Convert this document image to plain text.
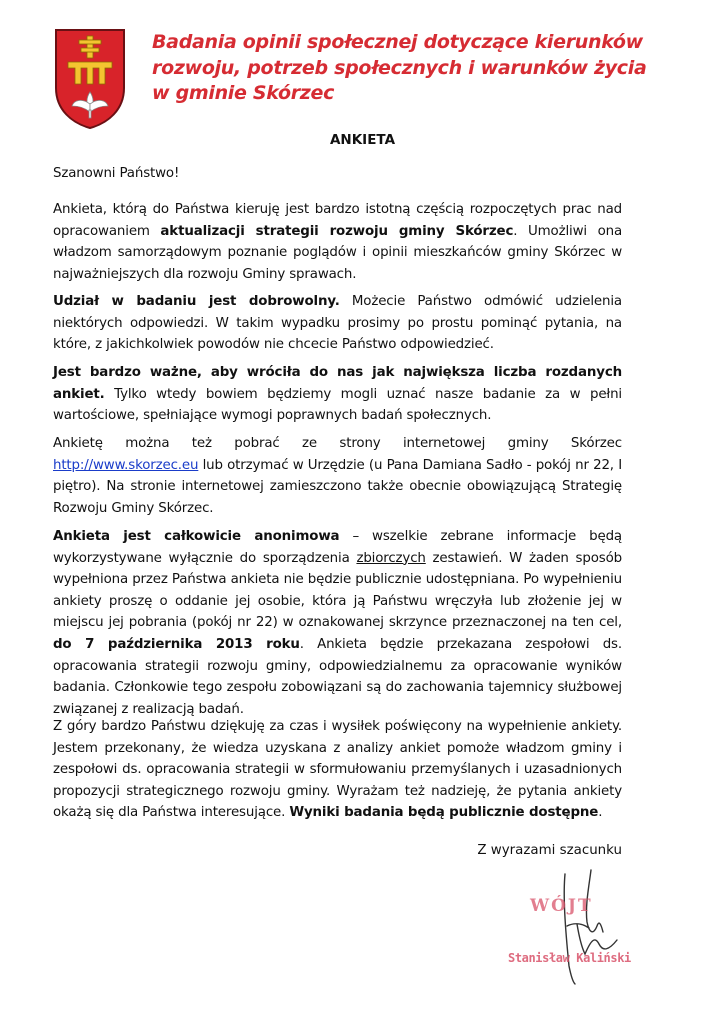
Badania opinii społecznej dotyczące kierunków
rozwoju, potrzeb społecznych i warunków życia
w gminie Skórzec
ANKIETA
Szanowni Państwo!
Ankieta, którą do Państwa kieruję jest bardzo istotną częścią rozpoczętych prac nad opracowaniem aktualizacji strategii rozwoju gminy Skórzec. Umożliwi ona władzom samorządowym poznanie poglądów i opinii mieszkańców gminy Skórzec w najważniejszych dla rozwoju Gminy sprawach.
Udział w badaniu jest dobrowolny. Możecie Państwo odmówić udzielenia niektórych odpowiedzi. W takim wypadku prosimy po prostu pominąć pytania, na które, z jakichkolwiek powodów nie chcecie Państwo odpowiedzieć.
Jest bardzo ważne, aby wróciła do nas jak największa liczba rozdanych ankiet. Tylko wtedy bowiem będziemy mogli uznać nasze badanie za w pełni wartościowe, spełniające wymogi poprawnych badań społecznych.
Ankietę można też pobrać ze strony internetowej gminy Skórzec http://www.skorzec.eu lub otrzymać w Urzędzie (u Pana Damiana Sadło - pokój nr 22, I piętro). Na stronie internetowej zamieszczono także obecnie obowiązującą Strategię Rozwoju Gminy Skórzec.
Ankieta jest całkowicie anonimowa – wszelkie zebrane informacje będą wykorzystywane wyłącznie do sporządzenia zbiorczych zestawień. W żaden sposób wypełniona przez Państwa ankieta nie będzie publicznie udostępniana. Po wypełnieniu ankiety proszę o oddanie jej osobie, która ją Państwu wręczyła lub złożenie jej w miejscu jej pobrania (pokój nr 22) w oznakowanej skrzynce przeznaczonej na ten cel, do 7 października 2013 roku. Ankieta będzie przekazana zespołowi ds. opracowania strategii rozwoju gminy, odpowiedzialnemu za opracowanie wyników badania. Członkowie tego zespołu zobowiązani są do zachowania tajemnicy służbowej związanej z realizacją badań.
Z góry bardzo Państwu dziękuję za czas i wysiłek poświęcony na wypełnienie ankiety. Jestem przekonany, że wiedza uzyskana z analizy ankiet pomoże władzom gminy i zespołowi ds. opracowania strategii w sformułowaniu przemyślanych i uzasadnionych propozycji strategicznego rozwoju gminy. Wyrażam też nadzieję, że pytania ankiety okażą się dla Państwa interesujące. Wyniki badania będą publicznie dostępne.
Z wyrazami szacunku
WÓJT
Stanisław Kaliński
